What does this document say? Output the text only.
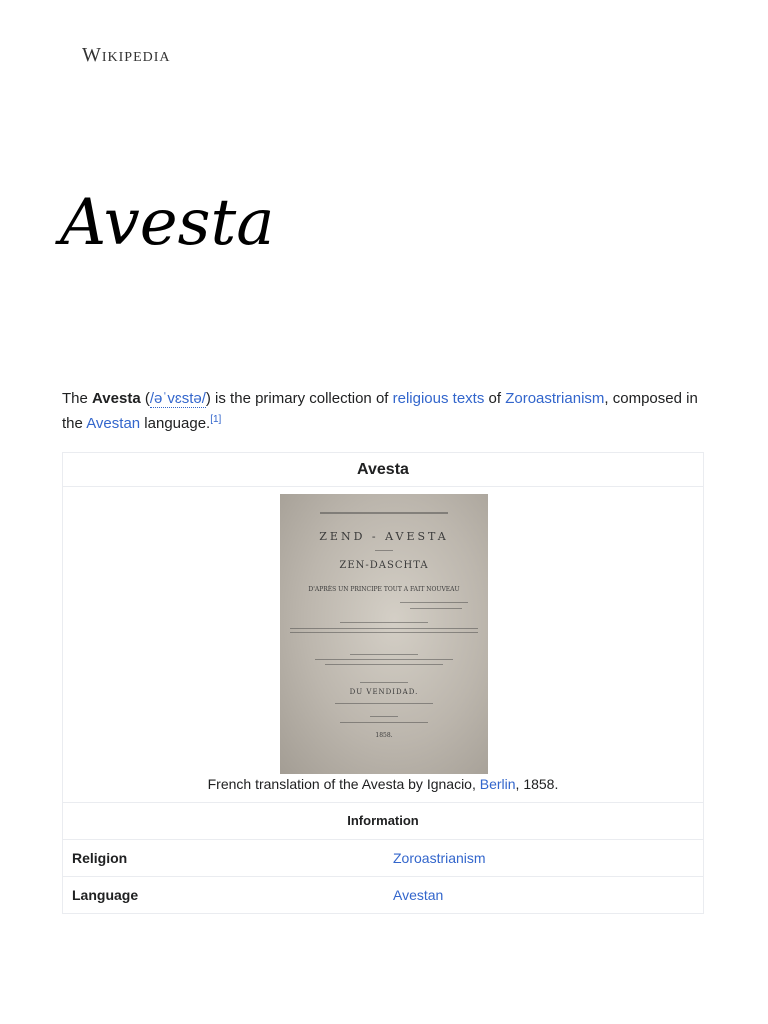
Wikipedia
Avesta

The Avesta (/əˈvɛstə/) is the primary collection of religious texts of Zoroastrianism, composed in the Avestan language.[1]

Avesta
ZEND - AVESTA
ZEN-DASCHTA
D'APRÈS UN PRINCIPE TOUT A FAIT NOUVEAU
DU VENDIDAD.
1858.
French translation of the Avesta by Ignacio, Berlin, 1858.
Information
Religion	Zoroastrianism
Language	Avestan
